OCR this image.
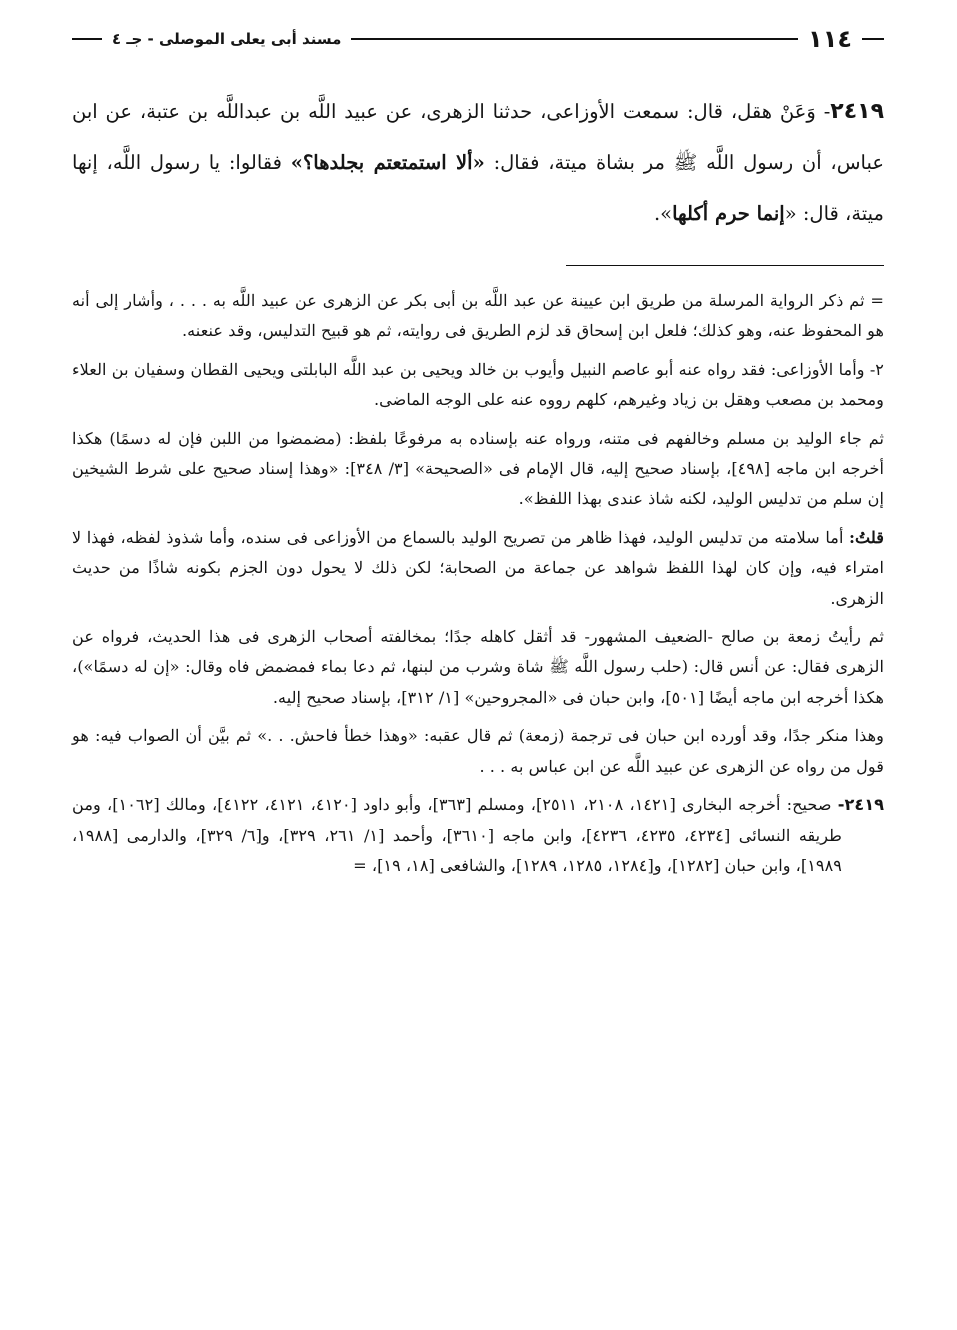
١١٤
مسند أبى يعلى الموصلى - جـ ٤
٢٤١٩- وَعَنْ هقل، قال: سمعت الأوزاعى، حدثنا الزهرى، عن عبيد اللَّه بن عبداللَّه بن عتبة، عن ابن عباس، أن رسول اللَّه ﷺ مر بشاة ميتة، فقال: «ألا استمتعتم بجلدها؟» فقالوا: يا رسول اللَّه، إنها ميتة، قال: «إنما حرم أكلها».

= ثم ذكر الرواية المرسلة من طريق ابن عيينة عن عبد اللَّه بن أبى بكر عن الزهرى عن عبيد اللَّه به . . . ، وأشار إلى أنه هو المحفوظ عنه، وهو كذلك؛ فلعل ابن إسحاق قد لزم الطريق فى روايته، ثم هو قبيح التدليس، وقد عنعنه.

٢- وأما الأوزاعى: فقد رواه عنه أبو عاصم النبيل وأيوب بن خالد ويحيى بن عبد اللَّه البابلتى ويحيى القطان وسفيان بن العلاء ومحمد بن مصعب وهقل بن زياد وغيرهم، كلهم رووه عنه على الوجه الماضى.

ثم جاء الوليد بن مسلم وخالفهم فى متنه، ورواه عنه بإسناده به مرفوعًا بلفظ: (مضمضوا من اللبن فإن له دسمًا) هكذا أخرجه ابن ماجه [٤٩٨]، بإسناد صحيح إليه، قال الإمام فى «الصحيحة» [٣/ ٣٤٨]: «وهذا إسناد صحيح على شرط الشيخين إن سلم من تدليس الوليد، لكنه شاذ عندى بهذا اللفظ».

قلتُ: أما سلامته من تدليس الوليد، فهذا ظاهر من تصريح الوليد بالسماع من الأوزاعى فى سنده، وأما شذوذ لفظه، فهذا لا امتراء فيه، وإن كان لهذا اللفظ شواهد عن جماعة من الصحابة؛ لكن ذلك لا يحول دون الجزم بكونه شاذًا من حديث الزهرى.

ثم رأيتُ زمعة بن صالح -الضعيف المشهور- قد أثقل كاهله جدًا؛ بمخالفته أصحاب الزهرى فى هذا الحديث، فرواه عن الزهرى فقال: عن أنس قال: (حلب رسول اللَّه ﷺ شاة وشرب من لبنها، ثم دعا بماء فمضمض فاه وقال: «إن له دسمًا»)، هكذا أخرجه ابن ماجه أيضًا [٥٠١]، وابن حبان فى «المجروحين» [١/ ٣١٢]، بإسناد صحيح إليه.

وهذا منكر جدًا، وقد أورده ابن حبان فى ترجمة (زمعة) ثم قال عقبه: «وهذا خطأ فاحش. . .» ثم بيَّن أن الصواب فيه: هو قول من رواه عن الزهرى عن عبيد اللَّه عن ابن عباس به . . .

٢٤١٩- صحيح: أخرجه البخارى [١٤٢١، ٢١٠٨، ٢٥١١]، ومسلم [٣٦٣]، وأبو داود [٤١٢٠، ٤١٢١، ٤١٢٢]، ومالك [١٠٦٢]، ومن طريقه النسائى [٤٢٣٤، ٤٢٣٥، ٤٢٣٦]، وابن ماجه [٣٦١٠]، وأحمد [١/ ٢٦١، ٣٢٩]، و[٦/ ٣٢٩]، والدارمى [١٩٨٨، ١٩٨٩]، وابن حبان [١٢٨٢]، و[١٢٨٤، ١٢٨٥، ١٢٨٩]، والشافعى [١٨، ١٩]، =
